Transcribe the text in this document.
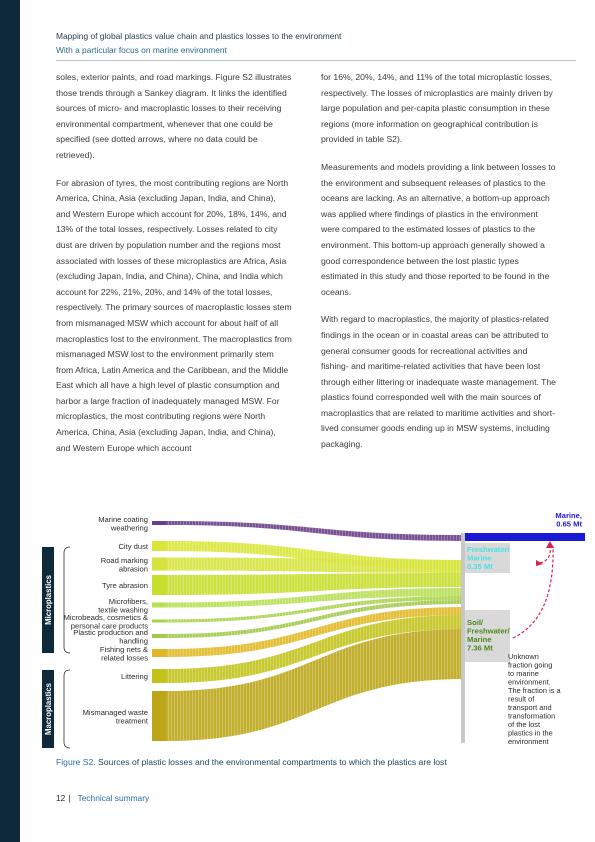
Mapping of global plastics value chain and plastics losses to the environment
With a particular focus on marine environment

soles, exterior paints, and road markings. Figure S2 illustrates those trends through a Sankey diagram. It links the identified sources of micro- and macroplastic losses to their receiving environmental compartment, whenever that one could be specified (see dotted arrows, where no data could be retrieved).

For abrasion of tyres, the most contributing regions are North America, China, Asia (excluding Japan, India, and China), and Western Europe which account for 20%, 18%, 14%, and 13% of the total losses, respectively. Losses related to city dust are driven by population number and the regions most associated with losses of these microplastics are Africa, Asia (excluding Japan, India, and China), China, and India which account for 22%, 21%, 20%, and 14% of the total losses, respectively. The primary sources of macroplastic losses stem from mismanaged MSW which account for about half of all macroplastics lost to the environment. The macroplastics from mismanaged MSW lost to the environment primarily stem from Africa, Latin America and the Caribbean, and the Middle East which all have a high level of plastic consumption and harbor a large fraction of inadequately managed MSW. For microplastics, the most contributing regions were North America, China, Asia (excluding Japan, India, and China), and Western Europe which account

for 16%, 20%, 14%, and 11% of the total microplastic losses, respectively. The losses of microplastics are mainly driven by large population and per-capita plastic consumption in these regions (more information on geographical contribution is provided in table S2).

Measurements and models providing a link between losses to the environment and subsequent releases of plastics to the oceans are lacking. As an alternative, a bottom-up approach was applied where findings of plastics in the environment were compared to the estimated losses of plastics to the environment. This bottom-up approach generally showed a good correspondence between the lost plastic types estimated in this study and those reported to be found in the oceans.

With regard to macroplastics, the majority of plastics-related findings in the ocean or in coastal areas can be attributed to general consumer goods for recreational activities and fishing- and maritime-related activities that have been lost through either littering or inadequate waste management. The plastics found corresponded well with the main sources of macroplastics that are related to maritime activities and short-lived consumer goods ending up in MSW systems, including packaging.

Marine coating
weathering
City dust
Road marking
abrasion
Tyre abrasion
Microfibers,
textile washing
Microbeads, cosmetics &
personal care products
Plastic production and
handling
Fishing nets &
related losses
Littering
Mismanaged waste
treatment
Microplastics
Macroplastics
Marine,
0.65 Mt
Freshwater/
Marine
0.35 Mt
Soil/
Freshwater/
Marine
7.36 Mt
Unknown
fraction going
to marine
environment.
The fraction is a
result of
transport and
transformation
of the lost
plastics in the
environment
Figure S2. Sources of plastic losses and the environmental compartments to which the plastics are lost
12 | Technical summary
